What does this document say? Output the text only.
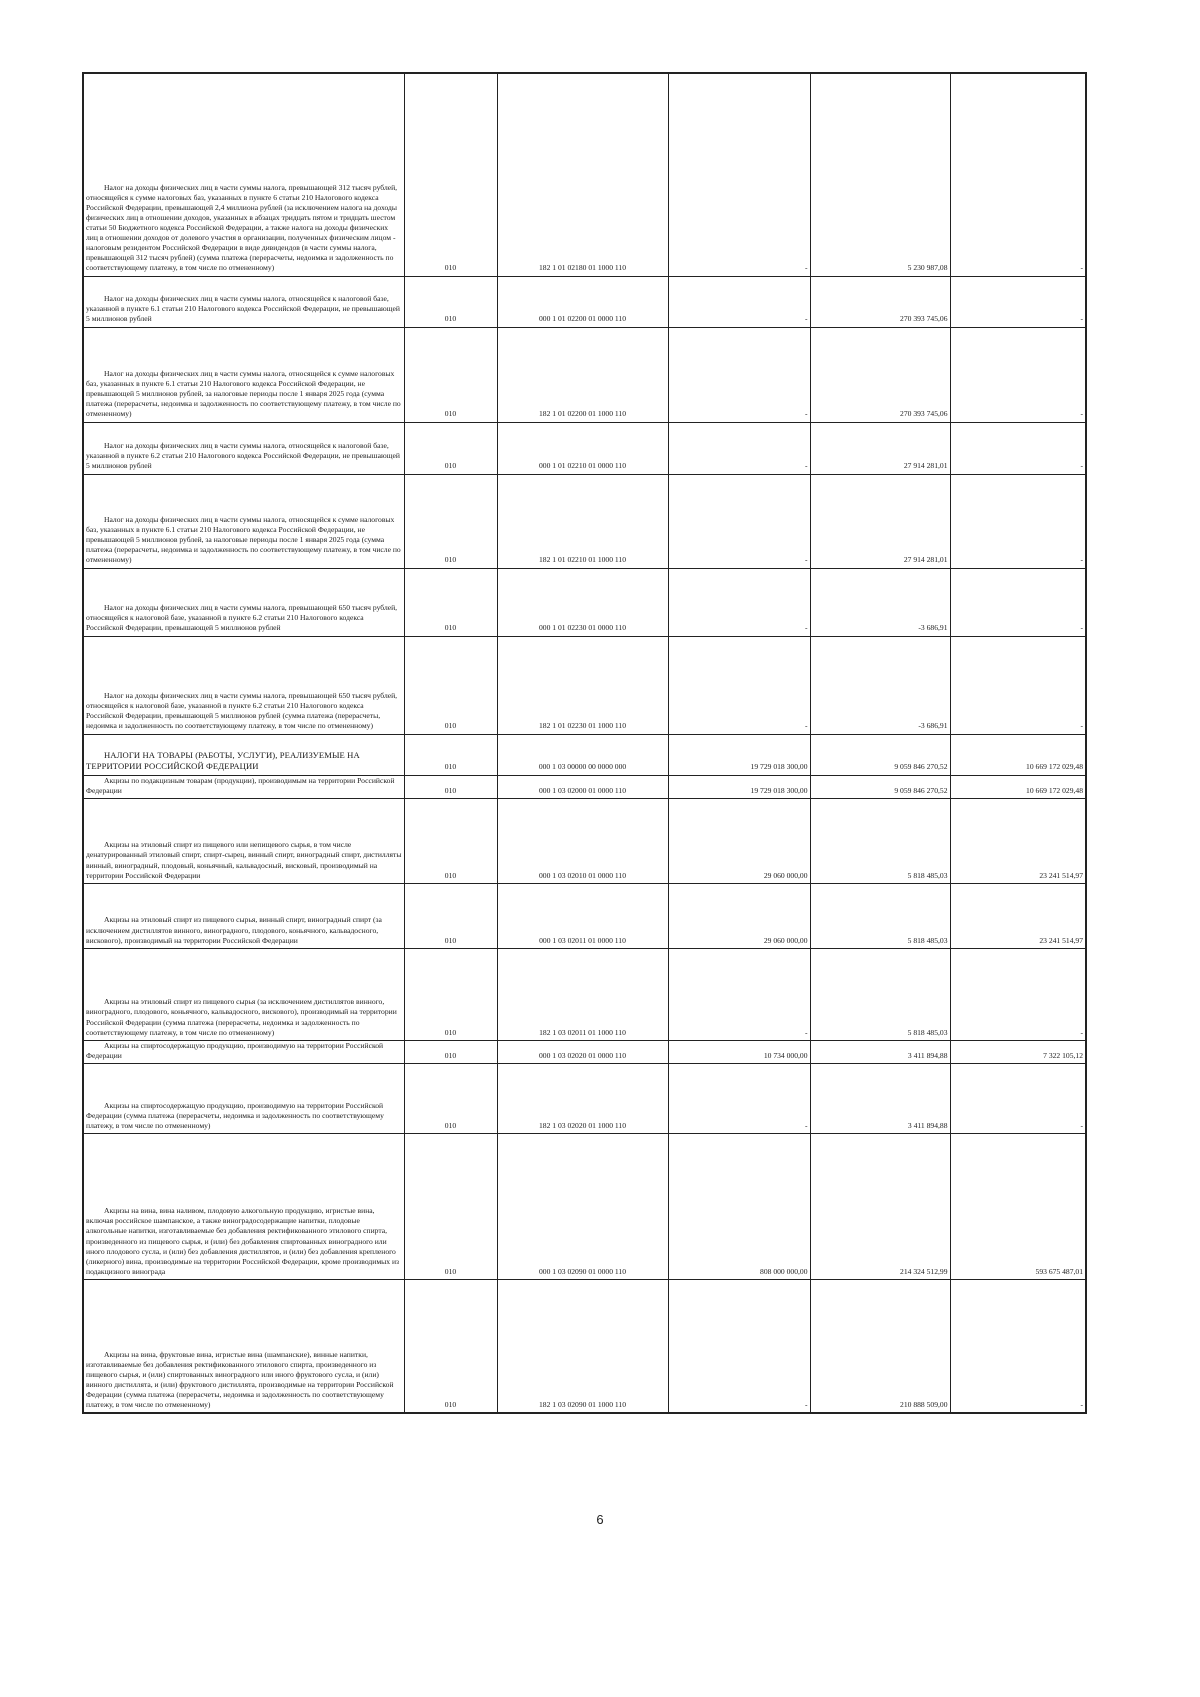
Налог на доходы физических лиц в части суммы налога, превышающей 312 тысяч рублей, относящейся к сумме налоговых баз, указанных в пункте 6 статьи 210 Налогового кодекса Российской Федерации, превышающей 2,4 миллиона рублей (за исключением налога на доходы физических лиц в отношении доходов, указанных в абзацах тридцать пятом и тридцать шестом статьи 50 Бюджетного кодекса Российской Федерации, а также налога на доходы физических лиц в отношении доходов от долевого участия в организации, полученных физическим лицом - налоговым резидентом Российской Федерации в виде дивидендов (в части суммы налога, превышающей 312 тысяч рублей) (сумма платежа (перерасчеты, недоимка и задолженность по соответствующему платежу, в том числе по отмененному)	010	182 1 01 02180 01 1000 110	-	5 230 987,08	-

Налог на доходы физических лиц в части суммы налога, относящейся к налоговой базе, указанной в пункте 6.1 статьи 210 Налогового кодекса Российской Федерации, не превышающей 5 миллионов рублей	010	000 1 01 02200 01 0000 110	-	270 393 745,06	-

Налог на доходы физических лиц в части суммы налога, относящейся к сумме налоговых баз, указанных в пункте 6.1 статьи 210 Налогового кодекса Российской Федерации, не превышающей 5 миллионов рублей, за налоговые периоды после 1 января 2025 года (сумма платежа (перерасчеты, недоимка и задолженность по соответствующему платежу, в том числе по отмененному)	010	182 1 01 02200 01 1000 110	-	270 393 745,06	-

Налог на доходы физических лиц в части суммы налога, относящейся к налоговой базе, указанной в пункте 6.2 статьи 210 Налогового кодекса Российской Федерации, не превышающей 5 миллионов рублей	010	000 1 01 02210 01 0000 110	-	27 914 281,01	-

Налог на доходы физических лиц в части суммы налога, относящейся к сумме налоговых баз, указанных в пункте 6.1 статьи 210 Налогового кодекса Российской Федерации, не превышающей 5 миллионов рублей, за налоговые периоды после 1 января 2025 года (сумма платежа (перерасчеты, недоимка и задолженность по соответствующему платежу, в том числе по отмененному)	010	182 1 01 02210 01 1000 110	-	27 914 281,01	-

Налог на доходы физических лиц в части суммы налога, превышающей 650 тысяч рублей, относящейся к налоговой базе, указанной в пункте 6.2 статьи 210 Налогового кодекса Российской Федерации, превышающей 5 миллионов рублей	010	000 1 01 02230 01 0000 110	-	-3 686,91	-

Налог на доходы физических лиц в части суммы налога, превышающей 650 тысяч рублей, относящейся к налоговой базе, указанной в пункте 6.2 статьи 210 Налогового кодекса Российской Федерации, превышающей 5 миллионов рублей (сумма платежа (перерасчеты, недоимка и задолженность по соответствующему платежу, в том числе по отмененному)	010	182 1 01 02230 01 1000 110	-	-3 686,91	-

НАЛОГИ НА ТОВАРЫ (РАБОТЫ, УСЛУГИ), РЕАЛИЗУЕМЫЕ НА ТЕРРИТОРИИ РОССИЙСКОЙ ФЕДЕРАЦИИ	010	000 1 03 00000 00 0000 000	19 729 018 300,00	9 059 846 270,52	10 669 172 029,48

Акцизы по подакцизным товарам (продукции), производимым на территории Российской Федерации	010	000 1 03 02000 01 0000 110	19 729 018 300,00	9 059 846 270,52	10 669 172 029,48

Акцизы на этиловый спирт из пищевого или непищевого сырья, в том числе денатурированный этиловый спирт, спирт-сырец, винный спирт, виноградный спирт, дистилляты винный, виноградный, плодовый, коньячный, кальвадосный, висковый, производимый на территории Российской Федерации	010	000 1 03 02010 01 0000 110	29 060 000,00	5 818 485,03	23 241 514,97

Акцизы на этиловый спирт из пищевого сырья, винный спирт, виноградный спирт (за исключением дистиллятов винного, виноградного, плодового, коньячного, кальвадосного, вискового), производимый на территории Российской Федерации	010	000 1 03 02011 01 0000 110	29 060 000,00	5 818 485,03	23 241 514,97

Акцизы на этиловый спирт из пищевого сырья (за исключением дистиллятов винного, виноградного, плодового, коньячного, кальвадосного, вискового), производимый на территории Российской Федерации (сумма платежа (перерасчеты, недоимка и задолженность по соответствующему платежу, в том числе по отмененному)	010	182 1 03 02011 01 1000 110	-	5 818 485,03	-

Акцизы на спиртосодержащую продукцию, производимую на территории Российской Федерации	010	000 1 03 02020 01 0000 110	10 734 000,00	3 411 894,88	7 322 105,12

Акцизы на спиртосодержащую продукцию, производимую на территории Российской Федерации (сумма платежа (перерасчеты, недоимка и задолженность по соответствующему платежу, в том числе по отмененному)	010	182 1 03 02020 01 1000 110	-	3 411 894,88	-

Акцизы на вина, вина наливом, плодовую алкогольную продукцию, игристые вина, включая российское шампанское, а также виноградосодержащие напитки, плодовые алкогольные напитки, изготавливаемые без добавления ректификованного этилового спирта, произведенного из пищевого сырья, и (или) без добавления спиртованных виноградного или иного плодового сусла, и (или) без добавления дистиллятов, и (или) без добавления крепленого (ликерного) вина, производимые на территории Российской Федерации, кроме производимых из подакцизного винограда	010	000 1 03 02090 01 0000 110	808 000 000,00	214 324 512,99	593 675 487,01

Акцизы на вина, фруктовые вина, игристые вина (шампанские), винные напитки, изготавливаемые без добавления ректификованного этилового спирта, произведенного из пищевого сырья, и (или) спиртованных виноградного или иного фруктового сусла, и (или) винного дистиллята, и (или) фруктового дистиллята, производимые на территории Российской Федерации (сумма платежа (перерасчеты, недоимка и задолженность по соответствующему платежу, в том числе по отмененному)	010	182 1 03 02090 01 1000 110	-	210 888 509,00	-
6
